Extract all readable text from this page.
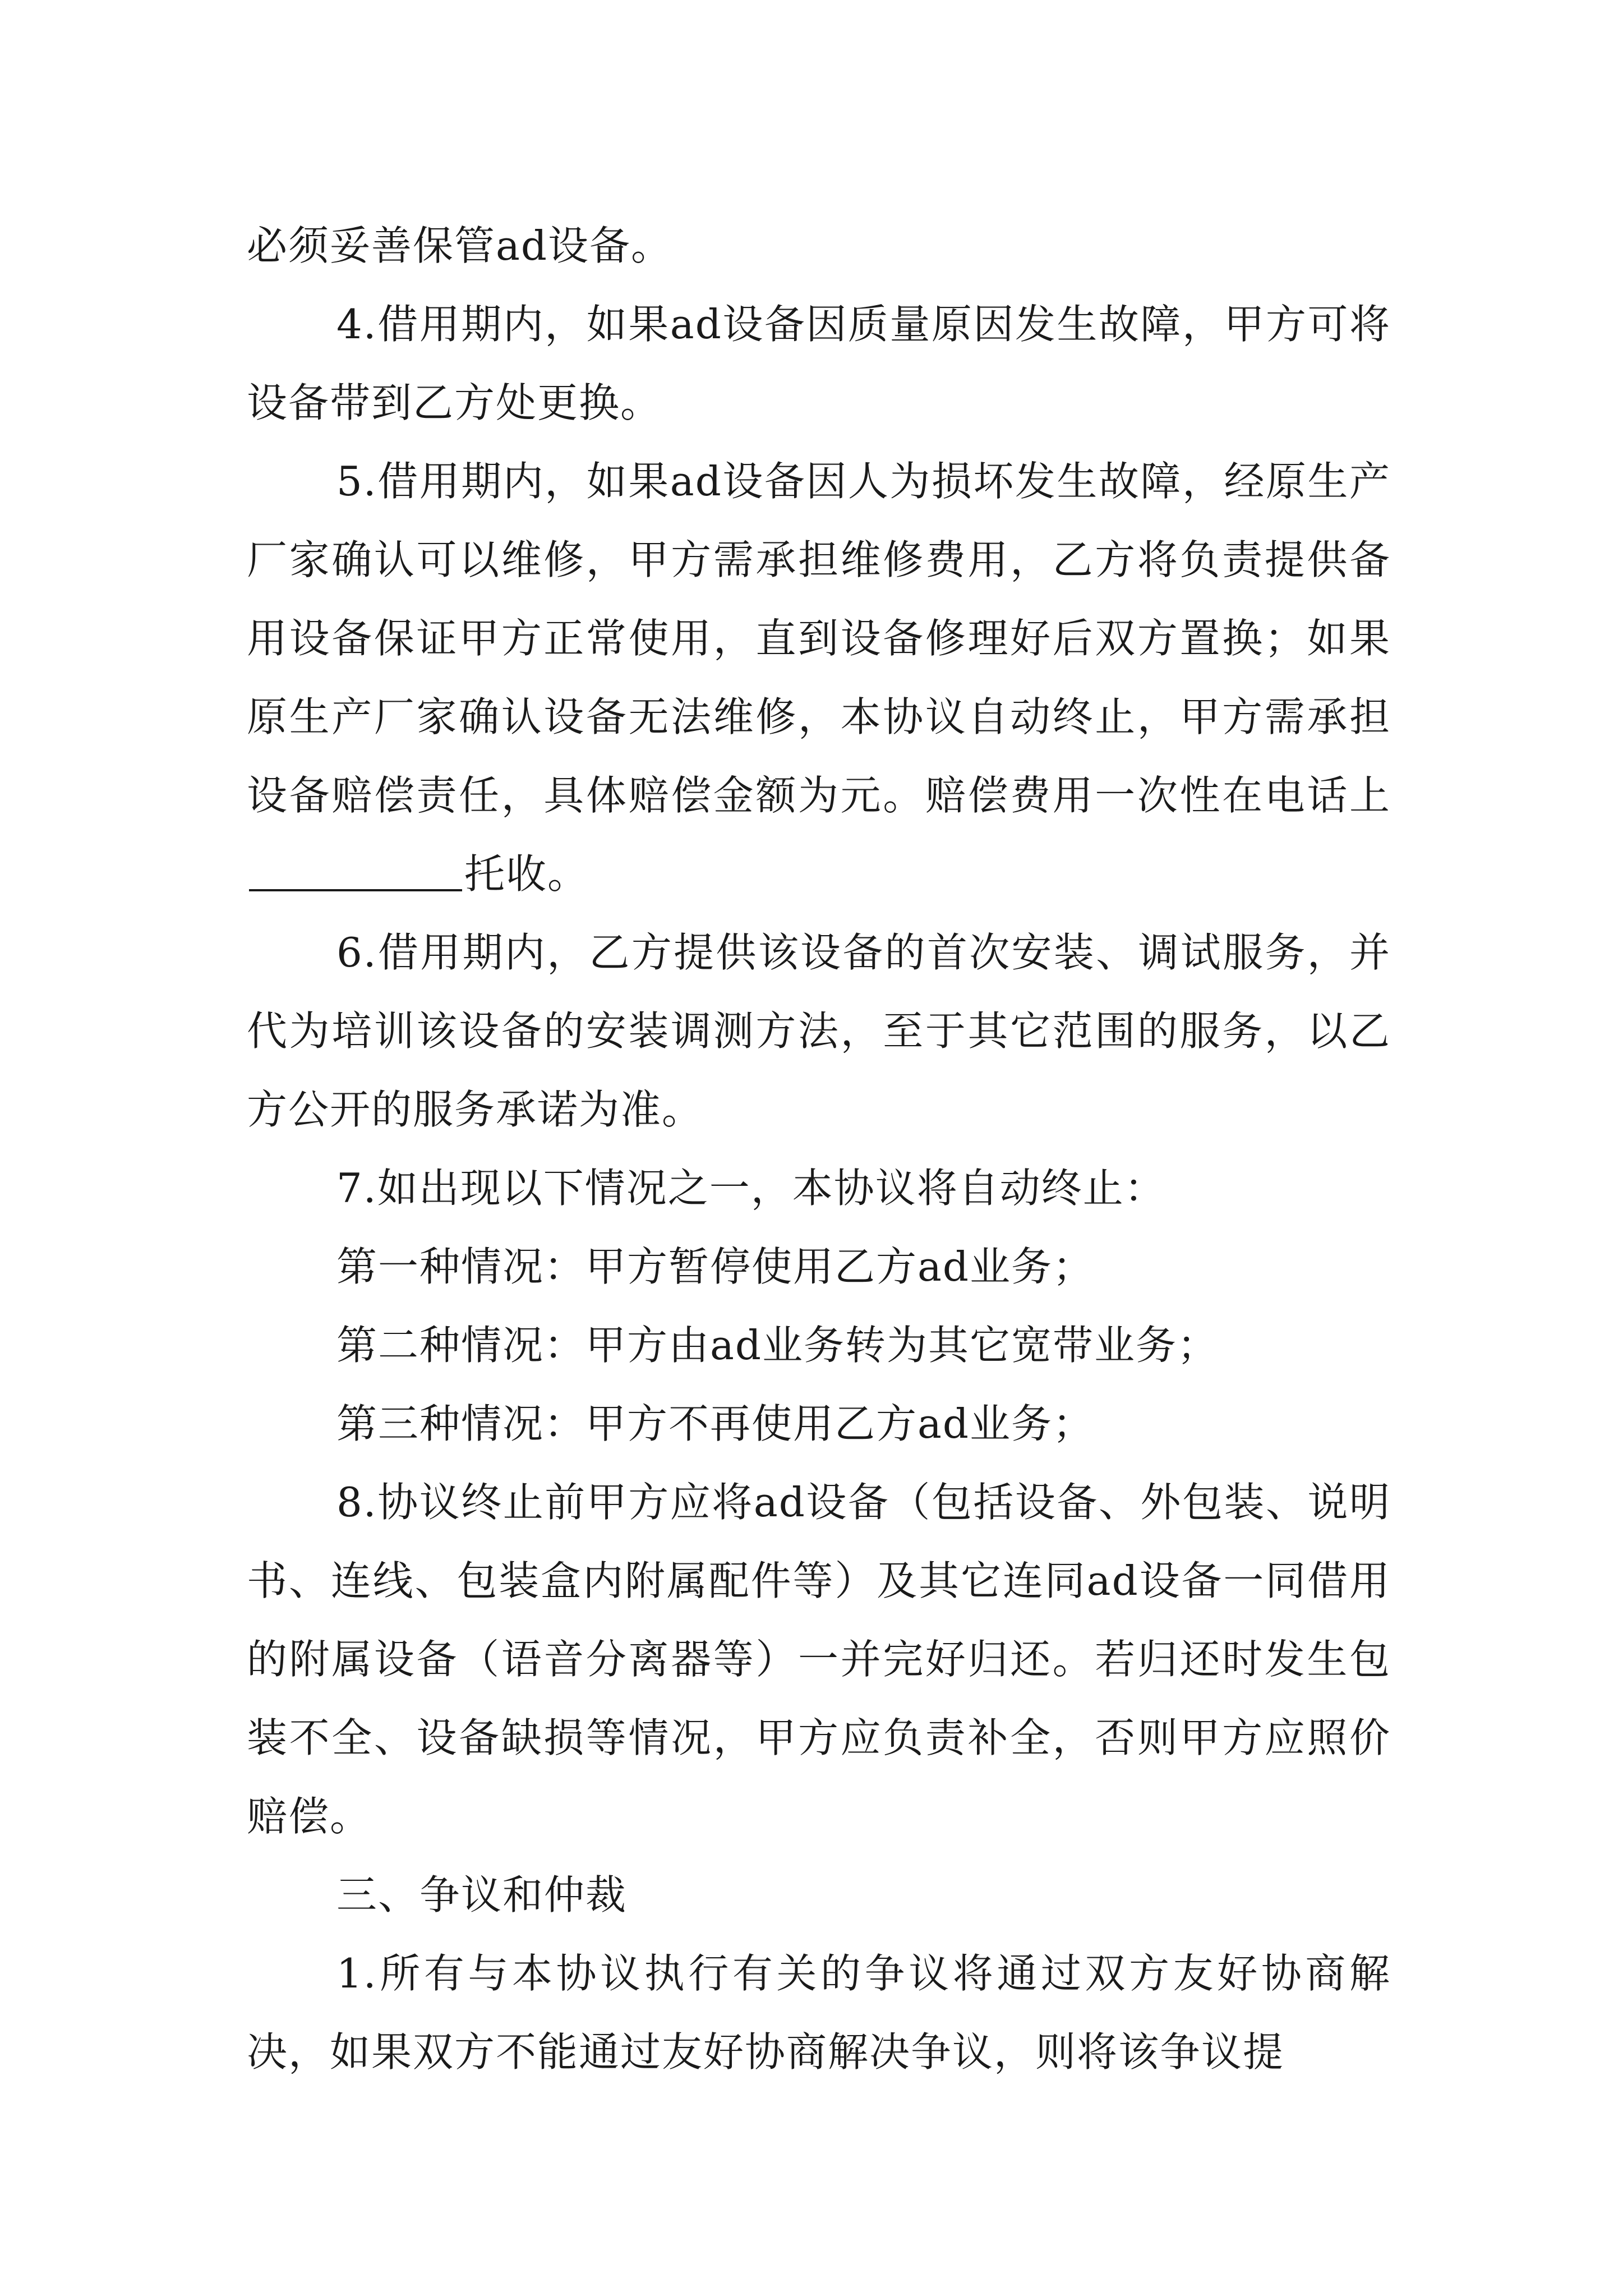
必须妥善保管ad设备。

4.借用期内，如果ad设备因质量原因发生故障，甲方可将设备带到乙方处更换。

5.借用期内，如果ad设备因人为损坏发生故障，经原生产厂家确认可以维修，甲方需承担维修费用，乙方将负责提供备用设备保证甲方正常使用，直到设备修理好后双方置换；如果原生产厂家确认设备无法维修，本协议自动终止，甲方需承担设备赔偿责任，具体赔偿金额为元。赔偿费用一次性在电话上托收。

6.借用期内，乙方提供该设备的首次安装、调试服务，并代为培训该设备的安装调测方法，至于其它范围的服务，以乙方公开的服务承诺为准。

7.如出现以下情况之一，本协议将自动终止：

第一种情况：甲方暂停使用乙方ad业务；

第二种情况：甲方由ad业务转为其它宽带业务；

第三种情况：甲方不再使用乙方ad业务；

8.协议终止前甲方应将ad设备（包括设备、外包装、说明书、连线、包装盒内附属配件等）及其它连同ad设备一同借用的附属设备（语音分离器等）一并完好归还。若归还时发生包装不全、设备缺损等情况，甲方应负责补全，否则甲方应照价赔偿。

三、争议和仲裁

1.所有与本协议执行有关的争议将通过双方友好协商解决，如果双方不能通过友好协商解决争议，则将该争议提
